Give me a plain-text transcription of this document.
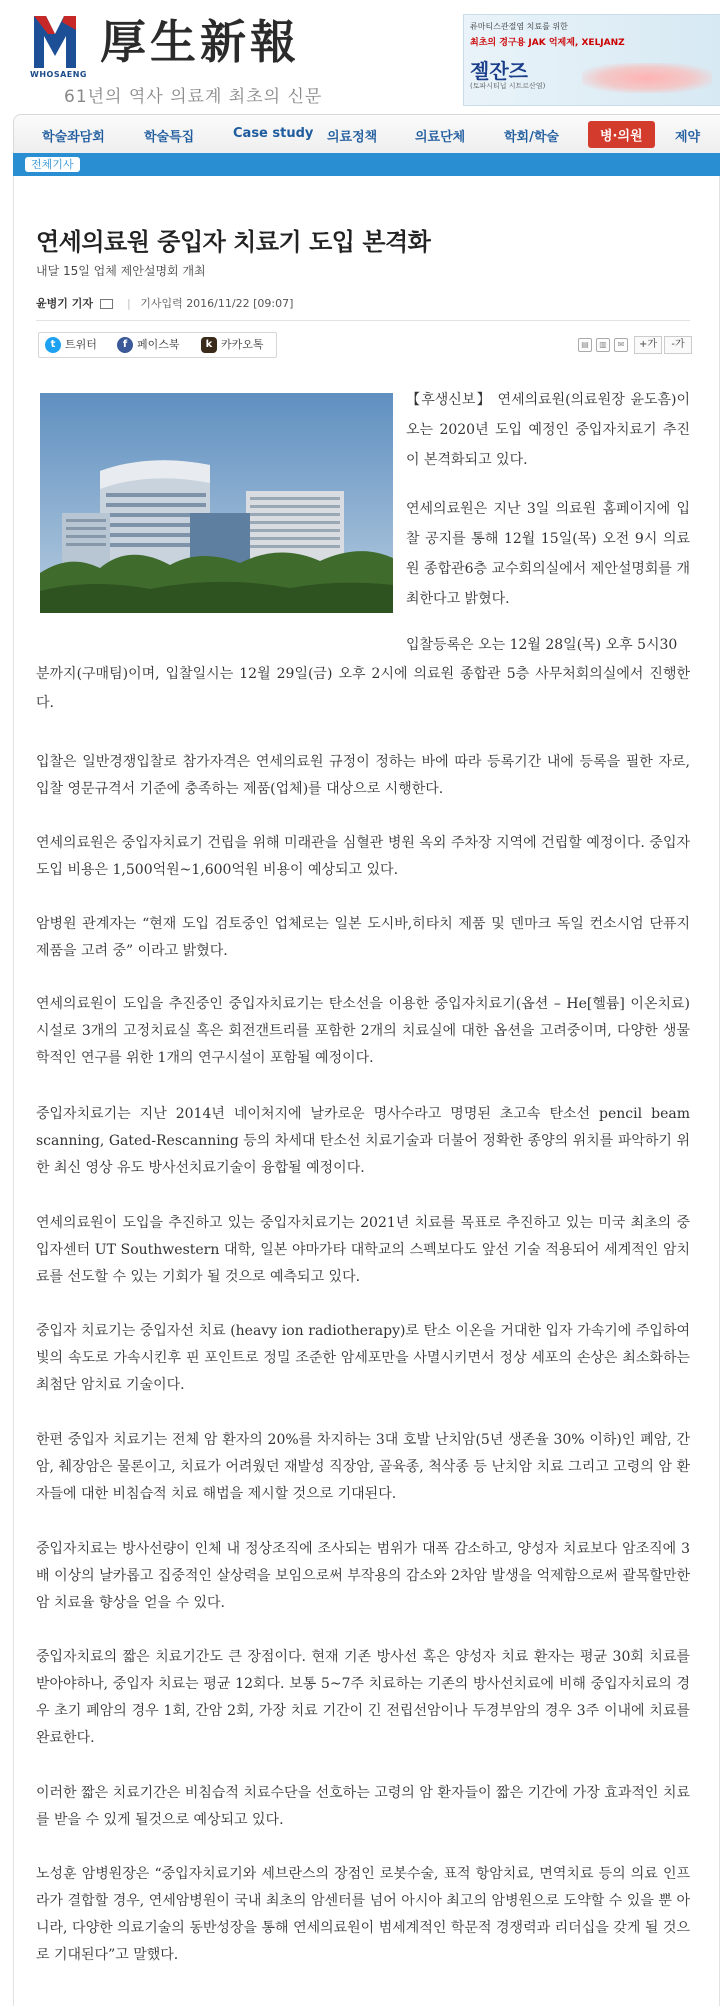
WHOSAENG
厚生新報
61년의 역사 의료계 최초의 신문
류마티스관절염 치료를 위한
최초의 경구용 JAK 억제제, XELJANZ
젤잔즈
(토파시티닙 시트르산염)
학술좌담회	학술특집	Case study 의료정책	의료단체	학회/학술	병·의원	제약
전체기사
연세의료원 중입자 치료기 도입 본격화
내달 15일 업체 제안설명회 개최
윤병기 기자	| 기사입력 2016/11/22 [09:07]
t 트위터	f 페이스북	k 카카오톡	▤	▥	✉	+가	-가
【후생신보】 연세의료원(의료원장 윤도흠)이 오는 2020년 도입 예정인 중입자치료기 추진이 본격화되고 있다.
연세의료원은 지난 3일 의료원 홈페이지에 입찰 공지를 통해 12월 15일(목) 오전 9시 의료원 종합관6층 교수회의실에서 제안설명회를 개최한다고 밝혔다.
입찰등록은 오는 12월 28일(목) 오후 5시30
분까지(구매팀)이며, 입찰일시는 12월 29일(금) 오후 2시에 의료원 종합관 5층 사무처회의실에서 진행한다.
입찰은 일반경쟁입찰로 참가자격은 연세의료원 규정이 정하는 바에 따라 등록기간 내에 등록을 필한 자로, 입찰 영문규격서 기준에 충족하는 제품(업체)를 대상으로 시행한다.
연세의료원은 중입자치료기 건립을 위해 미래관을 심혈관 병원 옥외 주차장 지역에 건립할 예정이다. 중입자 도입 비용은 1,500억원~1,600억원 비용이 예상되고 있다.
암병원 관계자는 “현재 도입 검토중인 업체로는 일본 도시바,히타치 제품 및 덴마크 독일 컨소시엄 단퓨지 제품을 고려 중” 이라고 밝혔다.
연세의료원이 도입을 추진중인 중입자치료기는 탄소선을 이용한 중입자치료기(옵션 – He[헬륨] 이온치료)시설로 3개의 고정치료실 혹은 회전갠트리를 포함한 2개의 치료실에 대한 옵션을 고려중이며, 다양한 생물학적인 연구를 위한 1개의 연구시설이 포함될 예정이다.
중입자치료기는 지난 2014년 네이처지에 날카로운 명사수라고 명명된 초고속 탄소선 pencil beam scanning, Gated-Rescanning 등의 차세대 탄소선 치료기술과 더불어 정확한 종양의 위치를 파악하기 위한 최신 영상 유도 방사선치료기술이 융합될 예정이다.
연세의료원이 도입을 추진하고 있는 중입자치료기는 2021년 치료를 목표로 추진하고 있는 미국 최초의 중입자센터 UT Southwestern 대학, 일본 야마가타 대학교의 스펙보다도 앞선 기술 적용되어 세계적인 암치료를 선도할 수 있는 기회가 될 것으로 예측되고 있다.
중입자 치료기는 중입자선 치료 (heavy ion radiotherapy)로 탄소 이온을 거대한 입자 가속기에 주입하여 빛의 속도로 가속시킨후 핀 포인트로 정밀 조준한 암세포만을 사멸시키면서 정상 세포의 손상은 최소화하는 최첨단 암치료 기술이다.
한편 중입자 치료기는 전체 암 환자의 20%를 차지하는 3대 호발 난치암(5년 생존율 30% 이하)인 폐암, 간암, 췌장암은 물론이고, 치료가 어려웠던 재발성 직장암, 골육종, 척삭종 등 난치암 치료 그리고 고령의 암 환자들에 대한 비침습적 치료 해법을 제시할 것으로 기대된다.
중입자치료는 방사선량이 인체 내 정상조직에 조사되는 범위가 대폭 감소하고, 양성자 치료보다 암조직에 3배 이상의 날카롭고 집중적인 살상력을 보임으로써 부작용의 감소와 2차암 발생을 억제함으로써 괄목할만한 암 치료율 향상을 얻을 수 있다.
중입자치료의 짧은 치료기간도 큰 장점이다. 현재 기존 방사선 혹은 양성자 치료 환자는 평균 30회 치료를 받아야하나, 중입자 치료는 평균 12회다. 보통 5~7주 치료하는 기존의 방사선치료에 비해 중입자치료의 경우 초기 폐암의 경우 1회, 간암 2회, 가장 치료 기간이 긴 전립선암이나 두경부암의 경우 3주 이내에 치료를 완료한다.
이러한 짧은 치료기간은 비침습적 치료수단을 선호하는 고령의 암 환자들이 짧은 기간에 가장 효과적인 치료를 받을 수 있게 될것으로 예상되고 있다.
노성훈 암병원장은 “중입자치료기와 세브란스의 장점인 로봇수술, 표적 항암치료, 면역치료 등의 의료 인프라가 결합할 경우, 연세암병원이 국내 최초의 암센터를 넘어 아시아 최고의 암병원으로 도약할 수 있을 뿐 아니라, 다양한 의료기술의 동반성장을 통해 연세의료원이 범세계적인 학문적 경쟁력과 리더십을 갖게 될 것으로 기대된다”고 말했다.
